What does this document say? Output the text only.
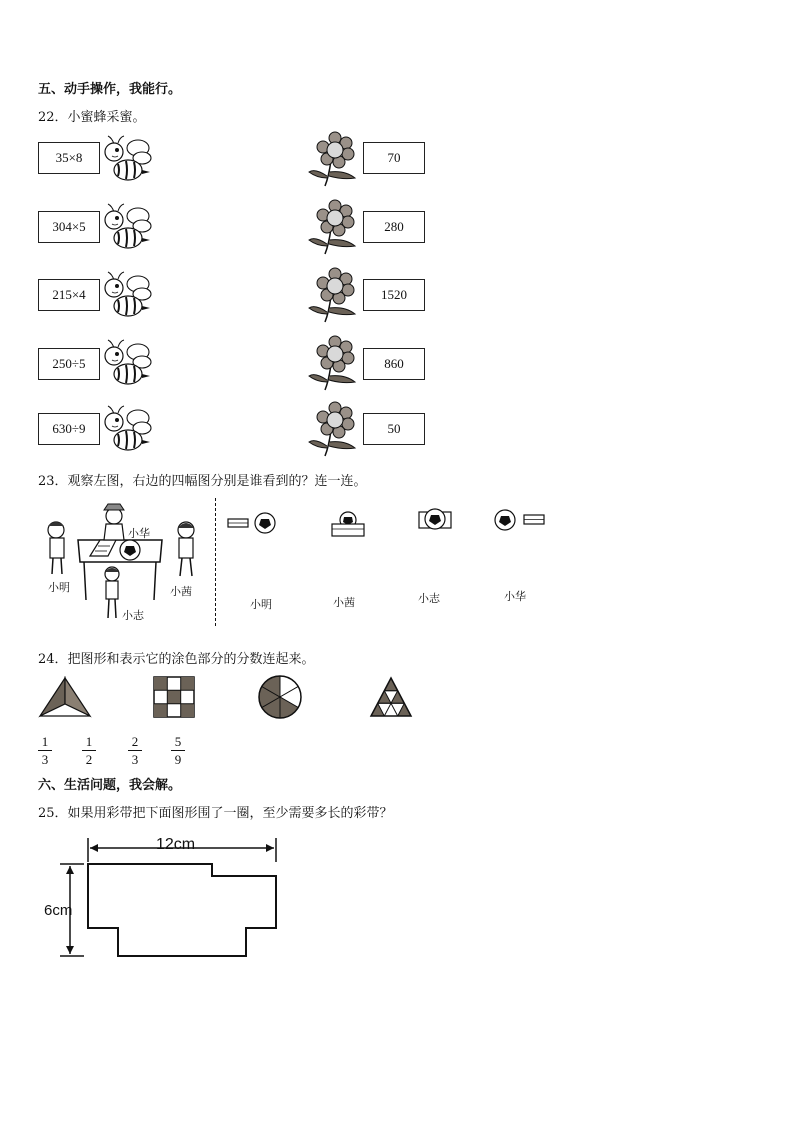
五、动手操作，我能行。
22．小蜜蜂采蜜。
35×8
304×5
215×4
250÷5
630÷9
70
280
1520
860
50
23．观察左图，右边的四幅图分别是谁看到的？连一连。
小明
小华
小茜
小志
小明	小茜	小志	小华
24．把图形和表示它的涂色部分的分数连起来。
1
3
1
2
2
3
5
9
六、生活问题，我会解。
25．如果用彩带把下面图形围了一圈，至少需要多长的彩带？
12cm
6cm
